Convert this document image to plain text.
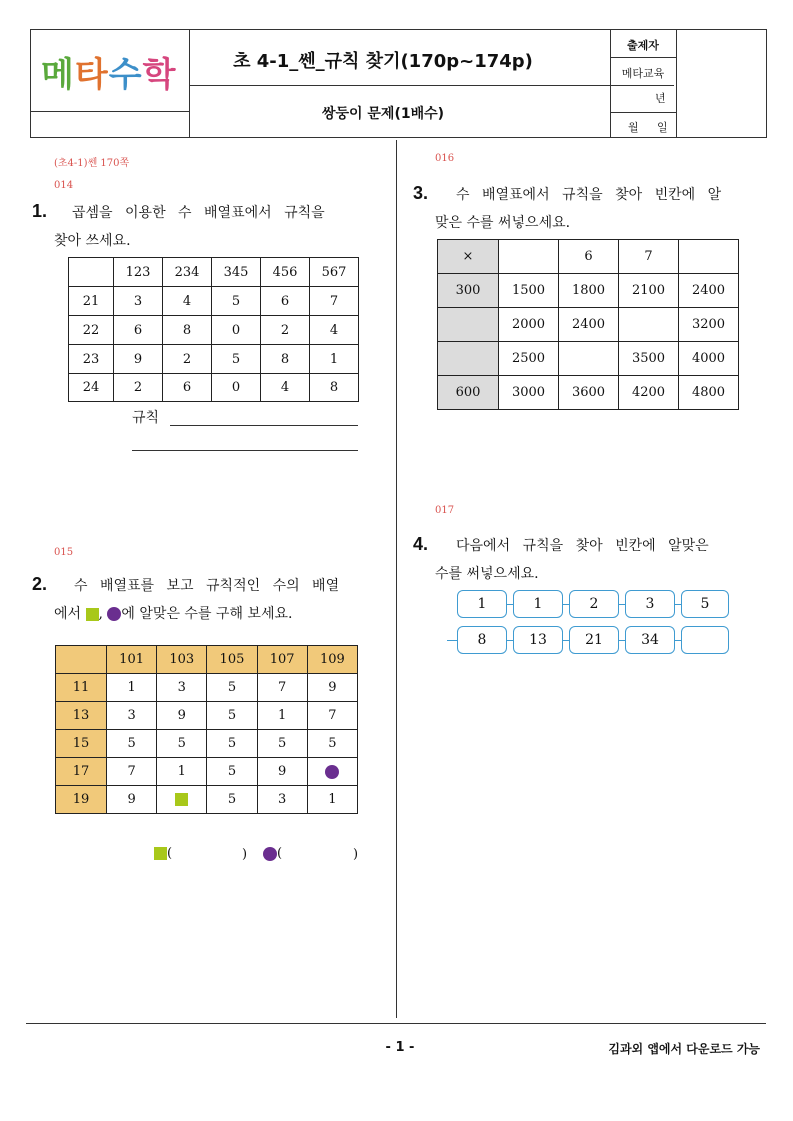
메 타 수 학	초 4-1_쎈_규칙 찾기(170p~174p)
쌍둥이 문제(1배수)
출제자
메타교육
년
월 일
(초4-1)쎈 170쪽
014
1. 곱셈을 이용한 수 배열표에서 규칙을
찾아 쓰세요.
	123	234	345	456	567
21	3	4	5	6	7
22	6	8	0	2	4
23	9	2	5	8	1
24	2	6	0	4	8
규칙
015
2. 수 배열표를 보고 규칙적인 수의 배열
에서 , 에 알맞은 수를 구해 보세요.
	101	103	105	107	109
11	1	3	5	7	9
13	3	9	5	1	7
15	5	5	5	5	5
17	7	1	5	9	
19	9		5	3	1
(	)	(	)
016
3. 수 배열표에서 규칙을 찾아 빈칸에 알
맞은 수를 써넣으세요.
×		6	7	
300	1500	1800	2100	2400
	2000	2400		3200
	2500		3500	4000
600	3000	3600	4200	4800
017
4. 다음에서 규칙을 찾아 빈칸에 알맞은
수를 써넣으세요.
1	1	2	3	5
8	13	21	34
- 1 -	김과외 앱에서 다운로드 가능
